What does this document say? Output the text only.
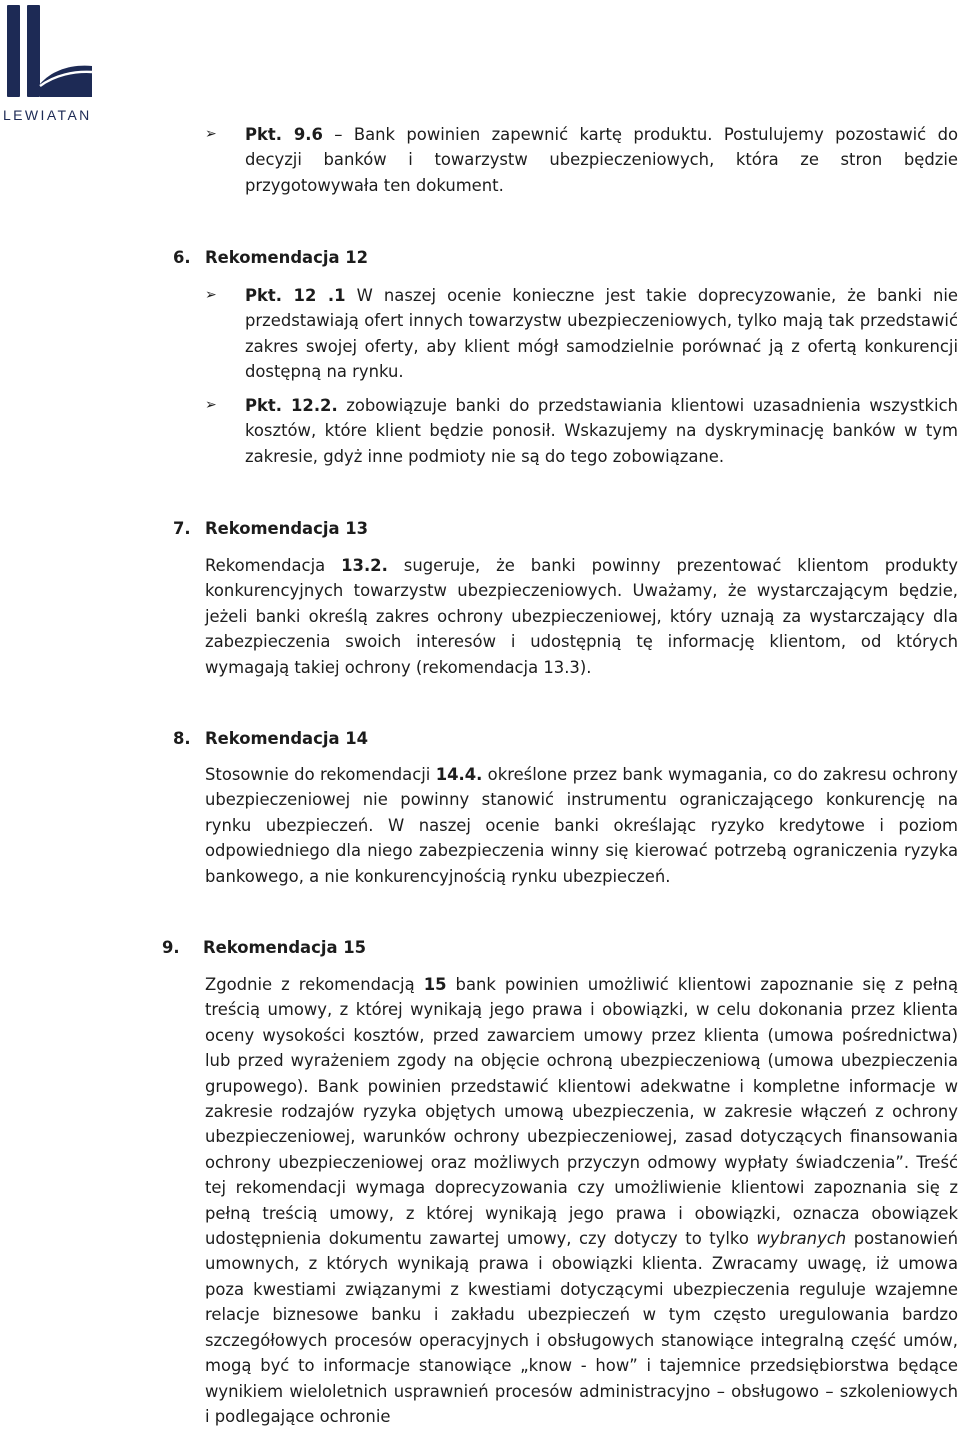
LEWIATAN
➢ Pkt. 9.6 – Bank powinien zapewnić kartę produktu. Postulujemy pozostawić do decyzji banków i towarzystw ubezpieczeniowych, która ze stron będzie przygotowywała ten dokument.

6. Rekomendacja 12
➢ Pkt. 12 .1 W naszej ocenie konieczne jest takie doprecyzowanie, że banki nie przedstawiają ofert innych towarzystw ubezpieczeniowych, tylko mają tak przedstawić zakres swojej oferty, aby klient mógł samodzielnie porównać ją z ofertą konkurencji dostępną na rynku.

➢ Pkt. 12.2. zobowiązuje banki do przedstawiania klientowi uzasadnienia wszystkich kosztów, które klient będzie ponosił. Wskazujemy na dyskryminację banków w tym zakresie, gdyż inne podmioty nie są do tego zobowiązane.

7. Rekomendacja 13

Rekomendacja 13.2. sugeruje, że banki powinny prezentować klientom produkty konkurencyjnych towarzystw ubezpieczeniowych. Uważamy, że wystarczającym będzie, jeżeli banki określą zakres ochrony ubezpieczeniowej, który uznają za wystarczający dla zabezpieczenia swoich interesów i udostępnią tę informację klientom, od których wymagają takiej ochrony (rekomendacja 13.3).

8. Rekomendacja 14

Stosownie do rekomendacji 14.4. określone przez bank wymagania, co do zakresu ochrony ubezpieczeniowej nie powinny stanowić instrumentu ograniczającego konkurencję na rynku ubezpieczeń. W naszej ocenie banki określając ryzyko kredytowe i poziom odpowiedniego dla niego zabezpieczenia winny się kierować potrzebą ograniczenia ryzyka bankowego, a nie konkurencyjnością rynku ubezpieczeń.

9. Rekomendacja 15

Zgodnie z rekomendacją 15 bank powinien umożliwić klientowi zapoznanie się z pełną treścią umowy, z której wynikają jego prawa i obowiązki, w celu dokonania przez klienta oceny wysokości kosztów, przed zawarciem umowy przez klienta (umowa pośrednictwa) lub przed wyrażeniem zgody na objęcie ochroną ubezpieczeniową (umowa ubezpieczenia grupowego). Bank powinien przedstawić klientowi adekwatne i kompletne informacje w zakresie rodzajów ryzyka objętych umową ubezpieczenia, w zakresie włączeń z ochrony ubezpieczeniowej, warunków ochrony ubezpieczeniowej, zasad dotyczących finansowania ochrony ubezpieczeniowej oraz możliwych przyczyn odmowy wypłaty świadczenia”. Treść tej rekomendacji wymaga doprecyzowania czy umożliwienie klientowi zapoznania się z pełną treścią umowy, z której wynikają jego prawa i obowiązki, oznacza obowiązek udostępnienia dokumentu zawartej umowy, czy dotyczy to tylko wybranych postanowień umownych, z których wynikają prawa i obowiązki klienta. Zwracamy uwagę, iż umowa poza kwestiami związanymi z kwestiami dotyczącymi ubezpieczenia reguluje wzajemne relacje biznesowe banku i zakładu ubezpieczeń w tym często uregulowania bardzo szczegółowych procesów operacyjnych i obsługowych stanowiące integralną część umów, mogą być to informacje stanowiące „know - how” i tajemnice przedsiębiorstwa będące wynikiem wieloletnich usprawnień procesów administracyjno – obsługowo – szkoleniowych i podlegające ochronie
